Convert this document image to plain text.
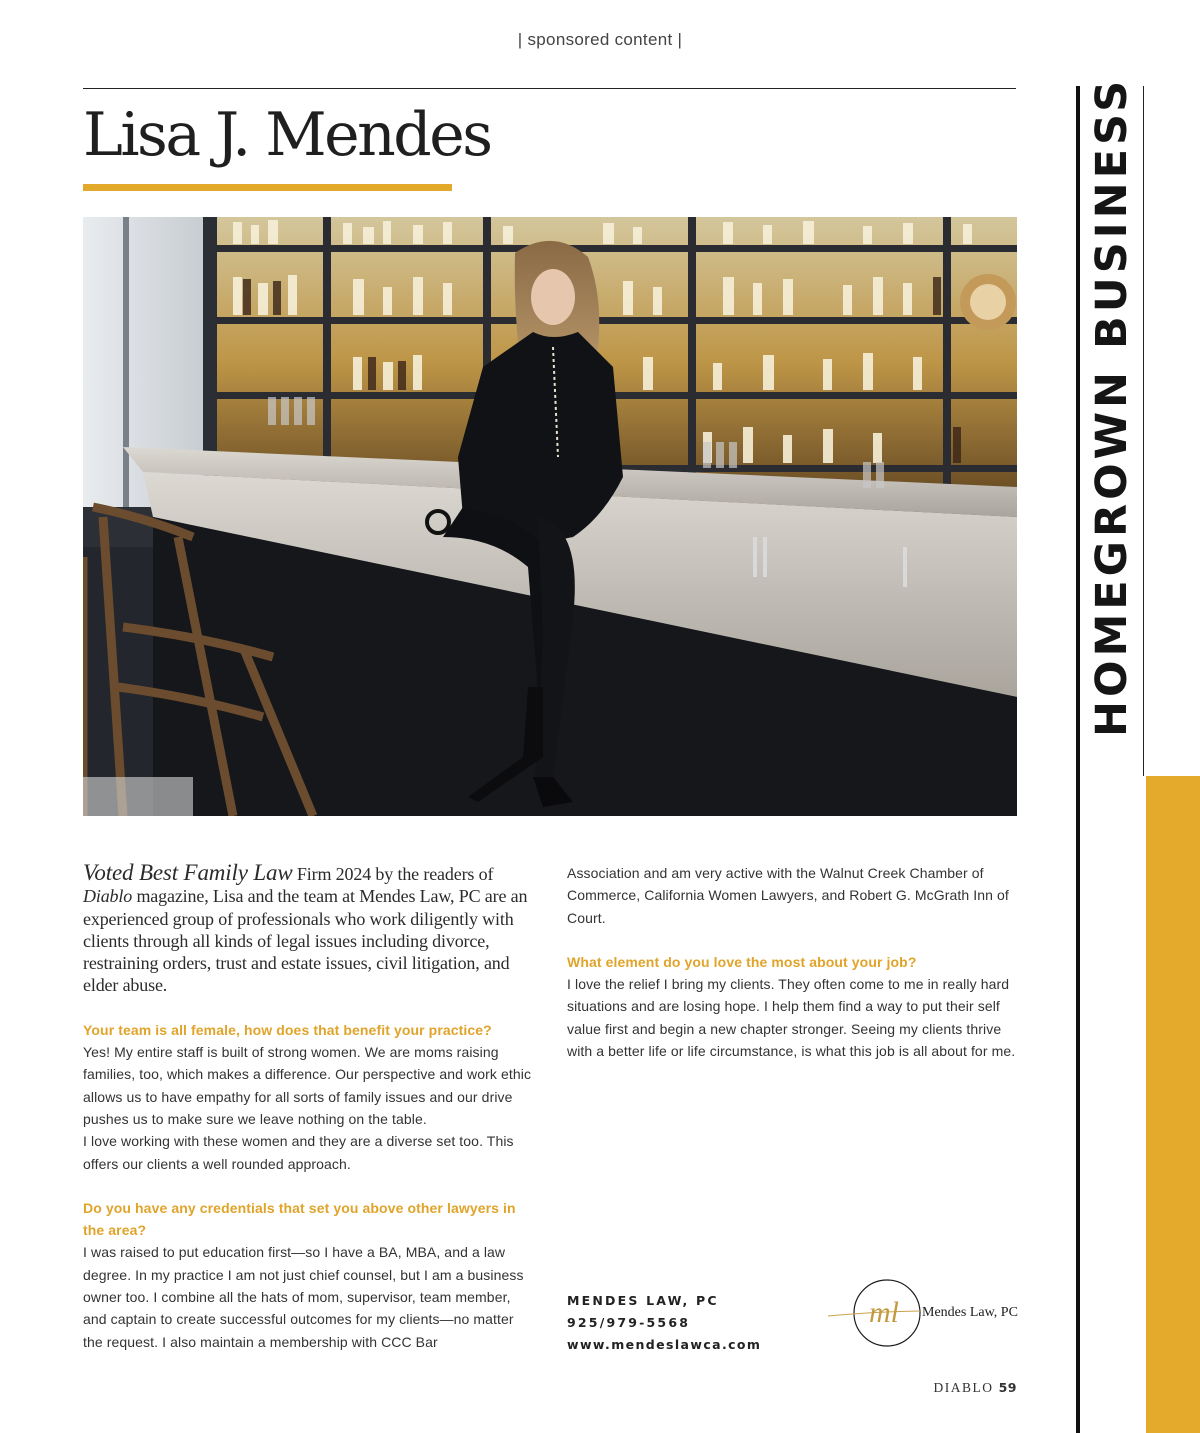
| sponsored content |
Lisa J. Mendes	HOMEGROWN BUSINESS

Voted Best Family Law Firm 2024 by the readers of Diablo magazine, Lisa and the team at Mendes Law, PC are an experienced group of professionals who work diligently with clients through all kinds of legal issues including divorce, restraining orders, trust and estate issues, civil litigation, and elder abuse.

Your team is all female, how does that benefit your practice?

Yes! My entire staff is built of strong women. We are moms raising families, too, which makes a difference. Our perspective and work ethic allows us to have empathy for all sorts of family issues and our drive pushes us to make sure we leave nothing on the table.

I love working with these women and they are a diverse set too. This offers our clients a well rounded approach.

Do you have any credentials that set you above other lawyers in the area?

I was raised to put education first—so I have a BA, MBA, and a law degree. In my practice I am not just chief counsel, but I am a business owner too. I combine all the hats of mom, supervisor, team member, and captain to create successful outcomes for my clients—no matter the request. I also maintain a membership with CCC Bar

Association and am very active with the Walnut Creek Chamber of Commerce, California Women Lawyers, and Robert G. McGrath Inn of Court.

What element do you love the most about your job?

I love the relief I bring my clients. They often come to me in really hard situations and are losing hope. I help them find a way to put their self value first and begin a new chapter stronger. Seeing my clients thrive with a better life or life circumstance, is what this job is all about for me.

MENDES LAW, PC
925/979-5568
www.mendeslawca.com
ml Mendes Law, PC
DIABLO 59
